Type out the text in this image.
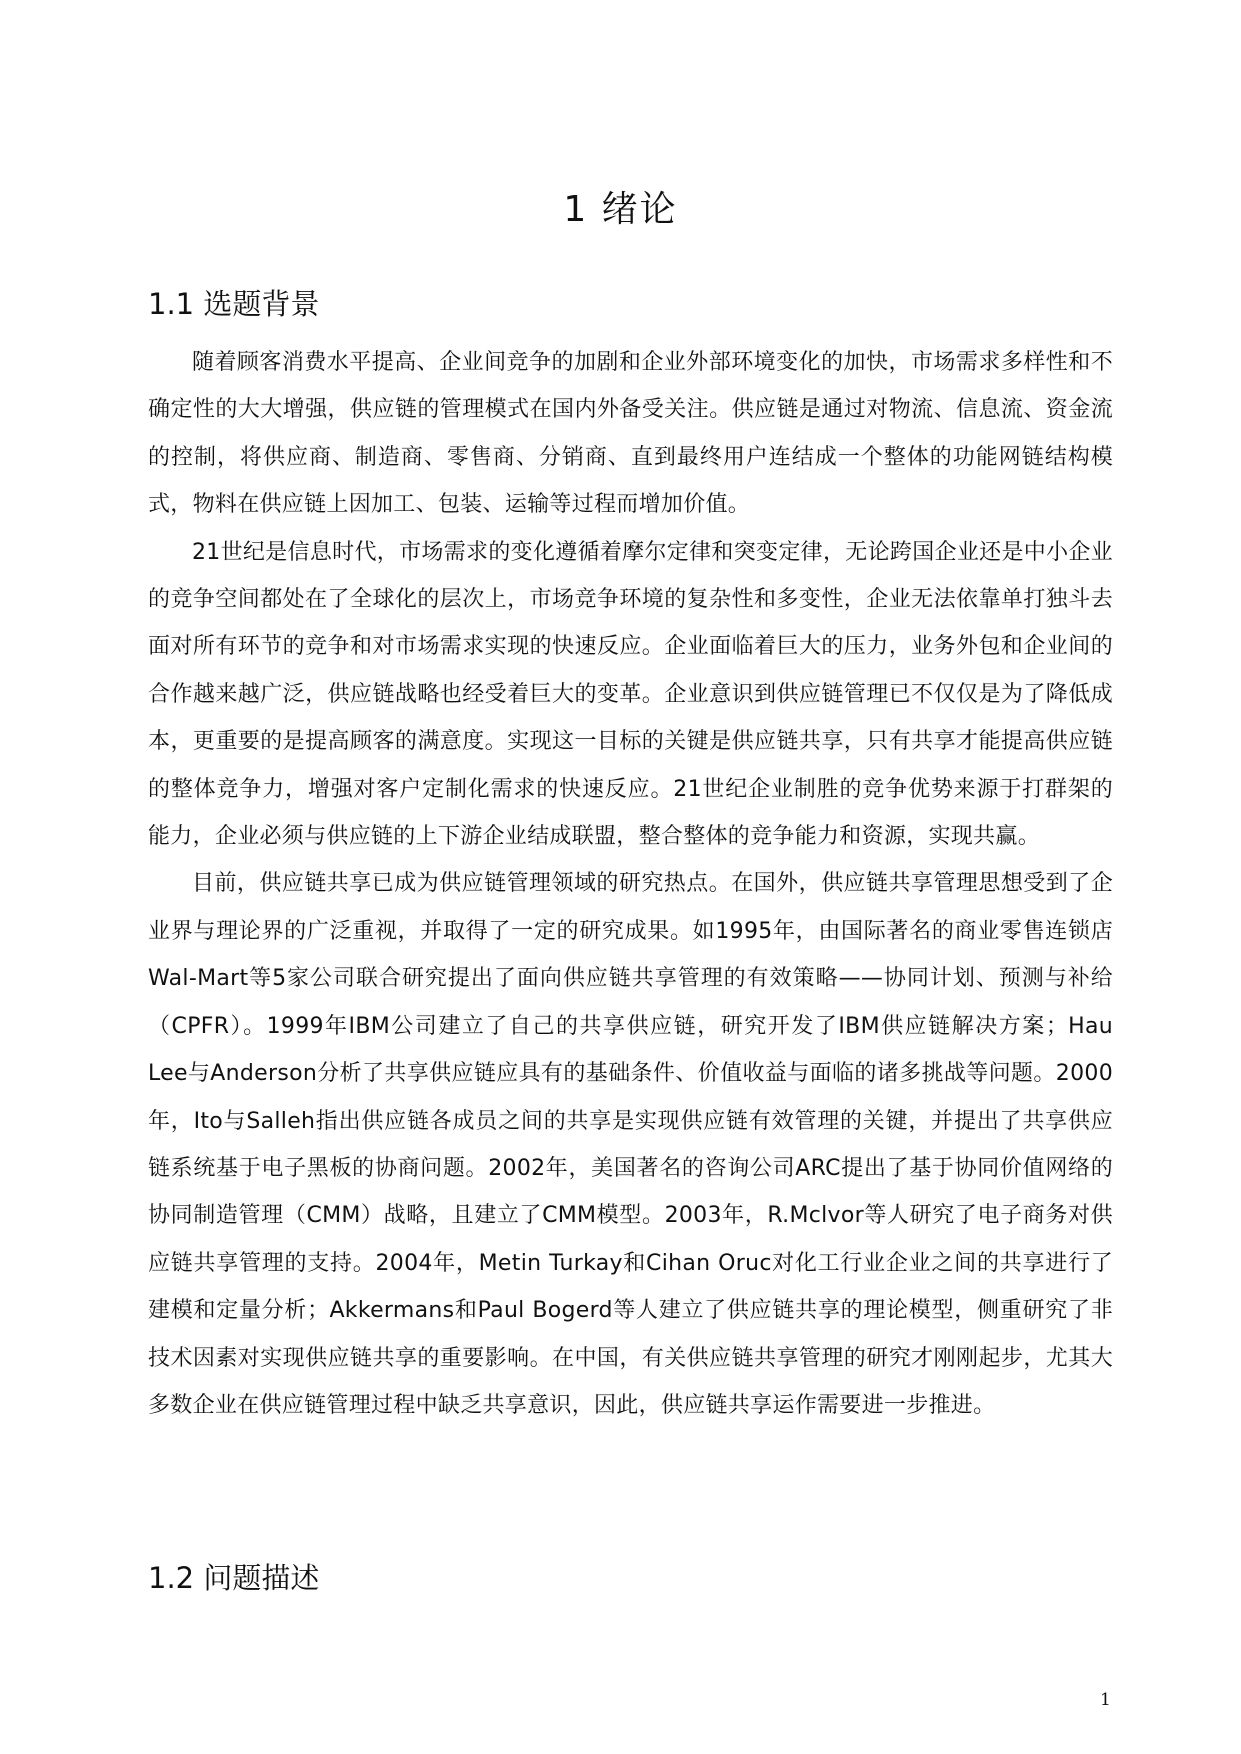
1 绪论
1.1 选题背景

随着顾客消费水平提高、企业间竞争的加剧和企业外部环境变化的加快，市场需求多样性和不确定性的大大增强，供应链的管理模式在国内外备受关注。供应链是通过对物流、信息流、资金流的控制，将供应商、制造商、零售商、分销商、直到最终用户连结成一个整体的功能网链结构模式，物料在供应链上因加工、包装、运输等过程而增加价值。

21世纪是信息时代，市场需求的变化遵循着摩尔定律和突变定律，无论跨国企业还是中小企业的竞争空间都处在了全球化的层次上，市场竞争环境的复杂性和多变性，企业无法依靠单打独斗去面对所有环节的竞争和对市场需求实现的快速反应。企业面临着巨大的压力，业务外包和企业间的合作越来越广泛，供应链战略也经受着巨大的变革。企业意识到供应链管理已不仅仅是为了降低成本，更重要的是提高顾客的满意度。实现这一目标的关键是供应链共享，只有共享才能提高供应链的整体竞争力，增强对客户定制化需求的快速反应。21世纪企业制胜的竞争优势来源于打群架的能力，企业必须与供应链的上下游企业结成联盟，整合整体的竞争能力和资源，实现共赢。

目前，供应链共享已成为供应链管理领域的研究热点。在国外，供应链共享管理思想受到了企业界与理论界的广泛重视，并取得了一定的研究成果。如1995年，由国际著名的商业零售连锁店Wal-Mart等5家公司联合研究提出了面向供应链共享管理的有效策略——协同计划、预测与补给（CPFR）。1999年IBM公司建立了自己的共享供应链，研究开发了IBM供应链解决方案；Hau Lee与Anderson分析了共享供应链应具有的基础条件、价值收益与面临的诸多挑战等问题。2000年，Ito与Salleh指出供应链各成员之间的共享是实现供应链有效管理的关键，并提出了共享供应链系统基于电子黑板的协商问题。2002年，美国著名的咨询公司ARC提出了基于协同价值网络的协同制造管理（CMM）战略，且建立了CMM模型。2003年，R.Mclvor等人研究了电子商务对供应链共享管理的支持。2004年，Metin Turkay和Cihan Oruc对化工行业企业之间的共享进行了建模和定量分析；Akkermans和Paul Bogerd等人建立了供应链共享的理论模型，侧重研究了非技术因素对实现供应链共享的重要影响。在中国，有关供应链共享管理的研究才刚刚起步，尤其大多数企业在供应链管理过程中缺乏共享意识，因此，供应链共享运作需要进一步推进。

1.2 问题描述
1
